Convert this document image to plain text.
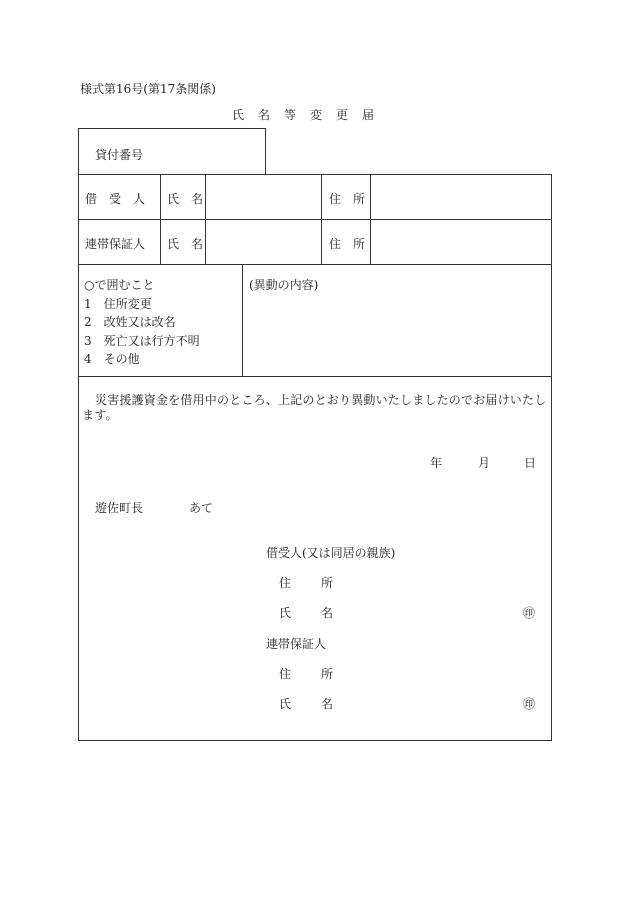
様式第16号(第17条関係)
氏　名　等　変　更　届
貸付番号
借　受　人 氏　名	住　所
連帯保証人 氏　名	住　所
○で囲むこと
1　住所変更
2　改姓又は改名
3　死亡又は行方不明
4　その他
(異動の内容)
災害援護資金を借用中のところ、上記のとおり異動いたしましたのでお届けいたします。
年	月	日
遊佐町長	あて
借受人(又は同居の親族)
住　　所
氏　　名	㊞
連帯保証人
住　　所
氏　　名	㊞
